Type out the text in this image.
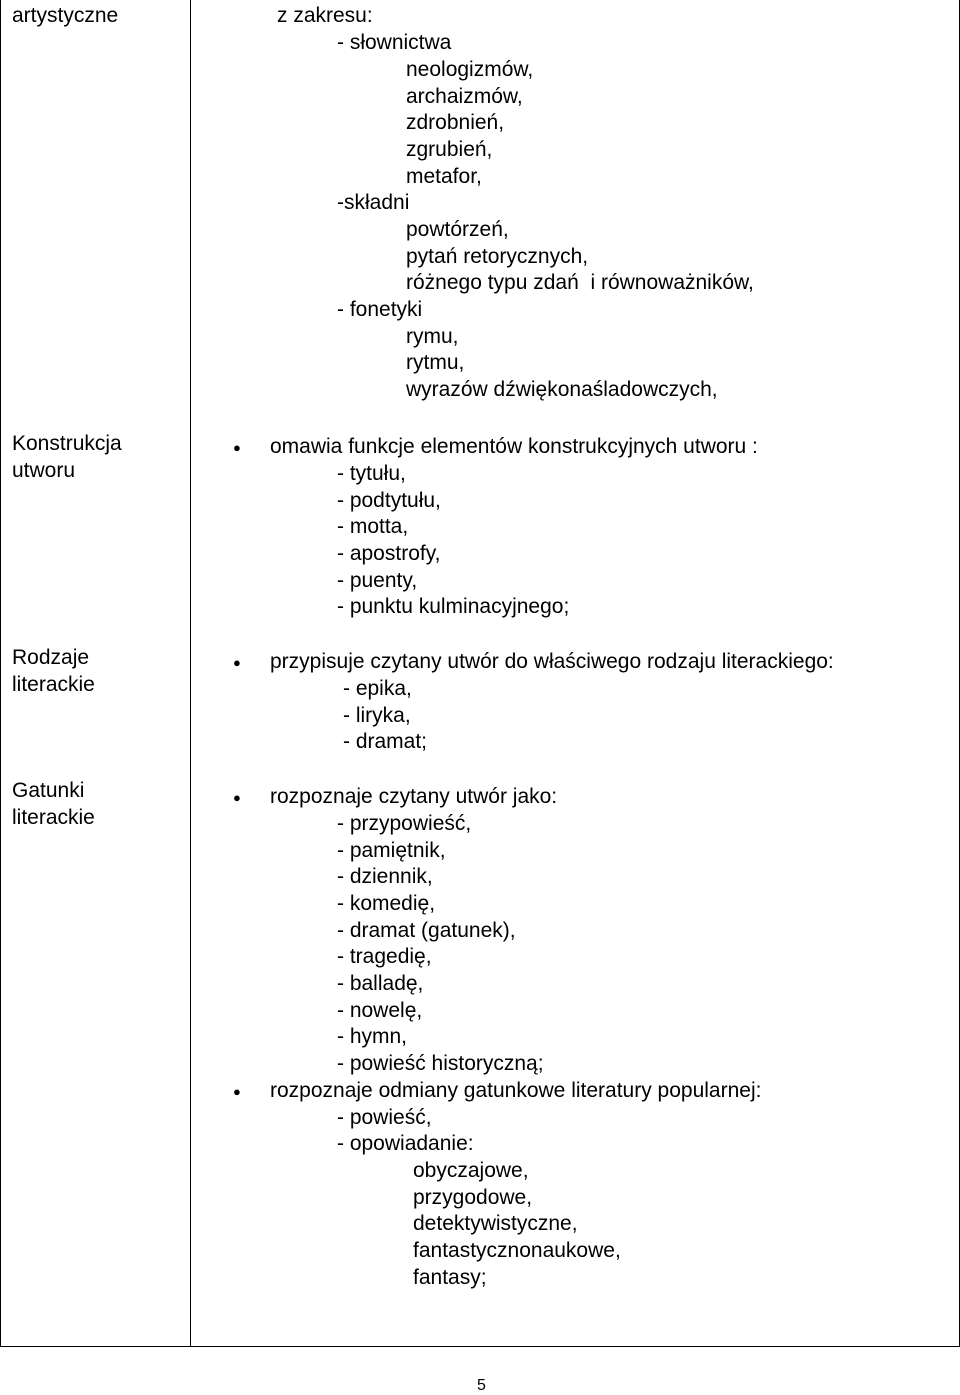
artystyczne
Konstrukcja
utworu
Rodzaje
literackie
Gatunki
literackie
z zakresu:
- słownictwa
neologizmów,
archaizmów,
zdrobnień,
zgrubień,
metafor,
-składni
powtórzeń,
pytań retorycznych,
różnego typu zdań  i równoważników,
- fonetyki
rymu,
rytmu,
wyrazów dźwiękonaśladowczych,
● omawia funkcje elementów konstrukcyjnych utworu :
- tytułu,
- podtytułu,
- motta,
- apostrofy,
- puenty,
- punktu kulminacyjnego;
● przypisuje czytany utwór do właściwego rodzaju literackiego:
- epika,
- liryka,
- dramat;
● rozpoznaje czytany utwór jako:
- przypowieść,
- pamiętnik,
- dziennik,
- komedię,
- dramat (gatunek),
- tragedię,
- balladę,
- nowelę,
- hymn,
- powieść historyczną;
● rozpoznaje odmiany gatunkowe literatury popularnej:
- powieść,
- opowiadanie:
obyczajowe,
przygodowe,
detektywistyczne,
fantastycznonaukowe,
fantasy;
5
